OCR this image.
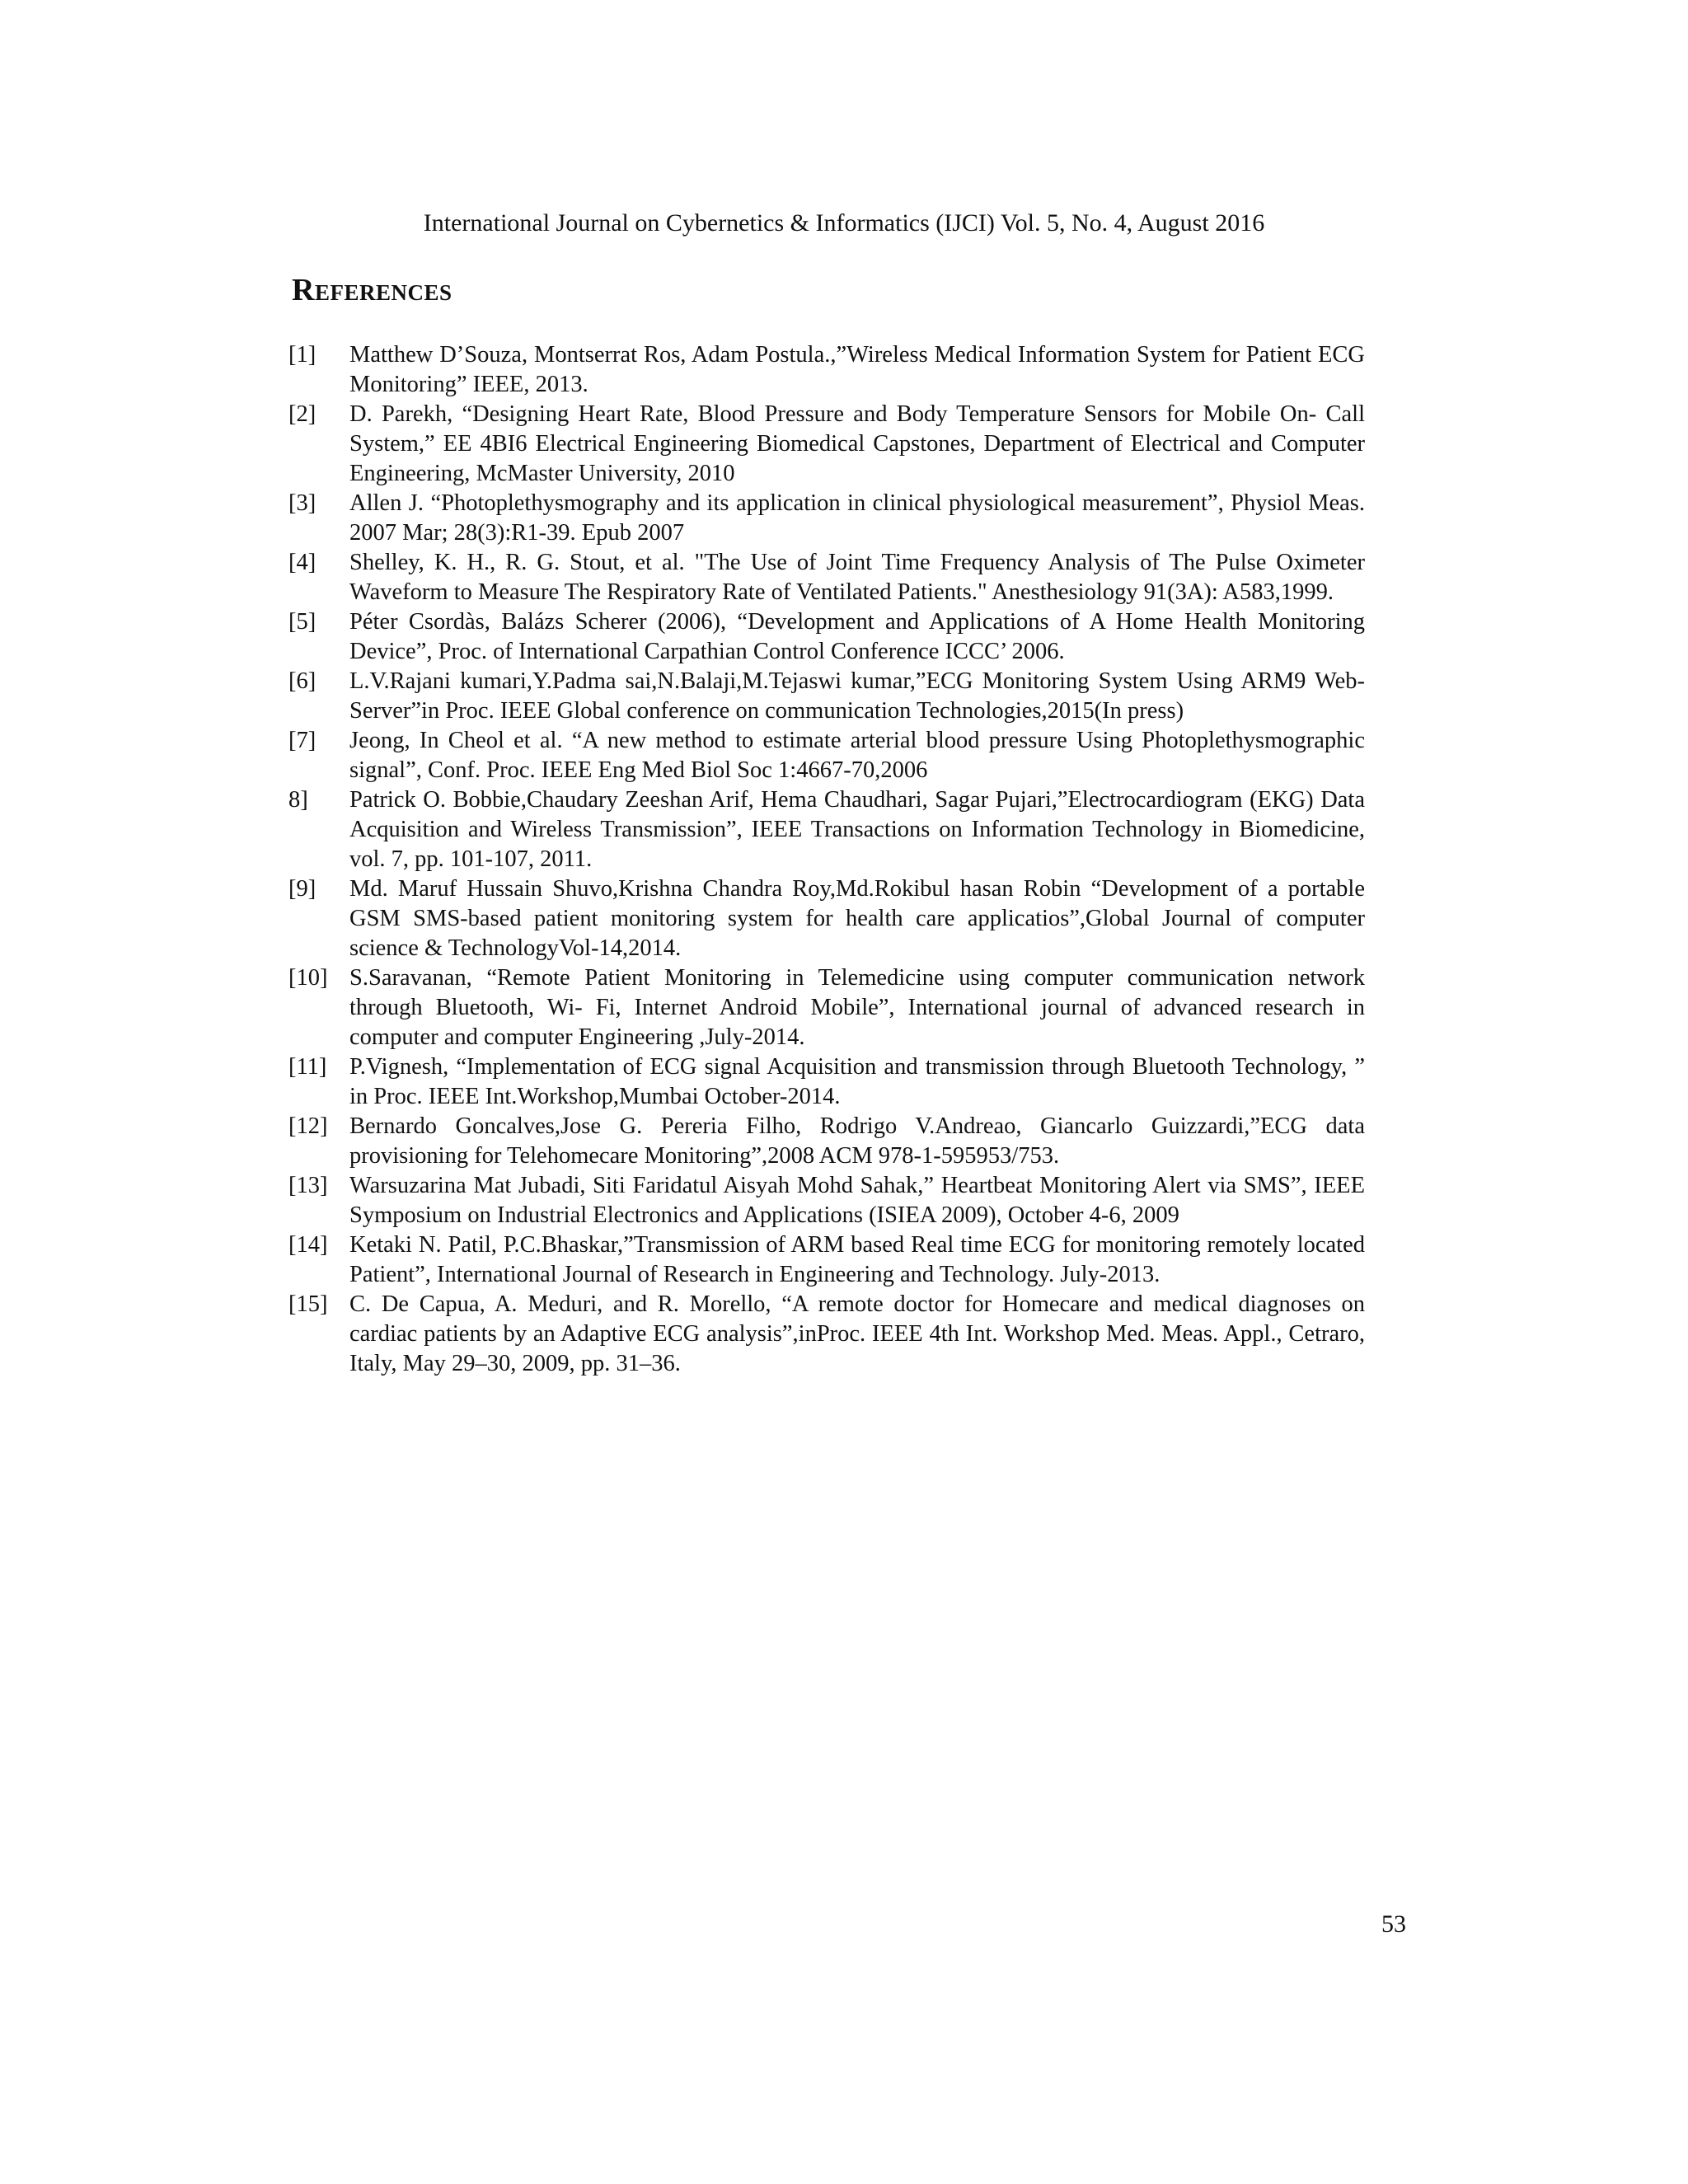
International Journal on Cybernetics & Informatics (IJCI) Vol. 5, No. 4, August 2016
REFERENCES
[1] Matthew D’Souza, Montserrat Ros, Adam Postula.,”Wireless Medical Information System for Patient ECG Monitoring” IEEE, 2013.
[2] D. Parekh, “Designing Heart Rate, Blood Pressure and Body Temperature Sensors for Mobile On- Call System,” EE 4BI6 Electrical Engineering Biomedical Capstones, Department of Electrical and Computer Engineering, McMaster University, 2010
[3] Allen J. “Photoplethysmography and its application in clinical physiological measurement”, Physiol Meas. 2007 Mar; 28(3):R1-39. Epub 2007
[4] Shelley, K. H., R. G. Stout, et al. "The Use of Joint Time Frequency Analysis of The Pulse Oximeter Waveform to Measure The Respiratory Rate of Ventilated Patients." Anesthesiology 91(3A): A583,1999.
[5] Péter Csordàs, Balázs Scherer (2006), “Development and Applications of A Home Health Monitoring Device”, Proc. of International Carpathian Control Conference ICCC’ 2006.
[6] L.V.Rajani kumari,Y.Padma sai,N.Balaji,M.Tejaswi kumar,”ECG Monitoring System Using ARM9 Web-Server”in Proc. IEEE Global conference on communication Technologies,2015(In press)
[7] Jeong, In Cheol et al. “A new method to estimate arterial blood pressure Using Photoplethysmographic signal”, Conf. Proc. IEEE Eng Med Biol Soc 1:4667-70,2006
8] Patrick O. Bobbie,Chaudary Zeeshan Arif, Hema Chaudhari, Sagar Pujari,”Electrocardiogram (EKG) Data Acquisition and Wireless Transmission”, IEEE Transactions on Information Technology in Biomedicine, vol. 7, pp. 101-107, 2011.
[9] Md. Maruf Hussain Shuvo,Krishna Chandra Roy,Md.Rokibul hasan Robin “Development of a portable GSM SMS-based patient monitoring system for health care applicatios”,Global Journal of computer science & TechnologyVol-14,2014.
[10] S.Saravanan, “Remote Patient Monitoring in Telemedicine using computer communication network through Bluetooth, Wi- Fi, Internet Android Mobile”, International journal of advanced research in computer and computer Engineering ,July-2014.
[11] P.Vignesh, “Implementation of ECG signal Acquisition and transmission through Bluetooth Technology, ” in Proc. IEEE Int.Workshop,Mumbai October-2014.
[12] Bernardo Goncalves,Jose G. Pereria Filho, Rodrigo V.Andreao, Giancarlo Guizzardi,”ECG data provisioning for Telehomecare Monitoring”,2008 ACM 978-1-595953/753.
[13] Warsuzarina Mat Jubadi, Siti Faridatul Aisyah Mohd Sahak,” Heartbeat Monitoring Alert via SMS”, IEEE Symposium on Industrial Electronics and Applications (ISIEA 2009), October 4-6, 2009
[14] Ketaki N. Patil, P.C.Bhaskar,”Transmission of ARM based Real time ECG for monitoring remotely located Patient”, International Journal of Research in Engineering and Technology. July-2013.
[15] C. De Capua, A. Meduri, and R. Morello, “A remote doctor for Homecare and medical diagnoses on cardiac patients by an Adaptive ECG analysis”,inProc. IEEE 4th Int. Workshop Med. Meas. Appl., Cetraro, Italy, May 29–30, 2009, pp. 31–36.
53
